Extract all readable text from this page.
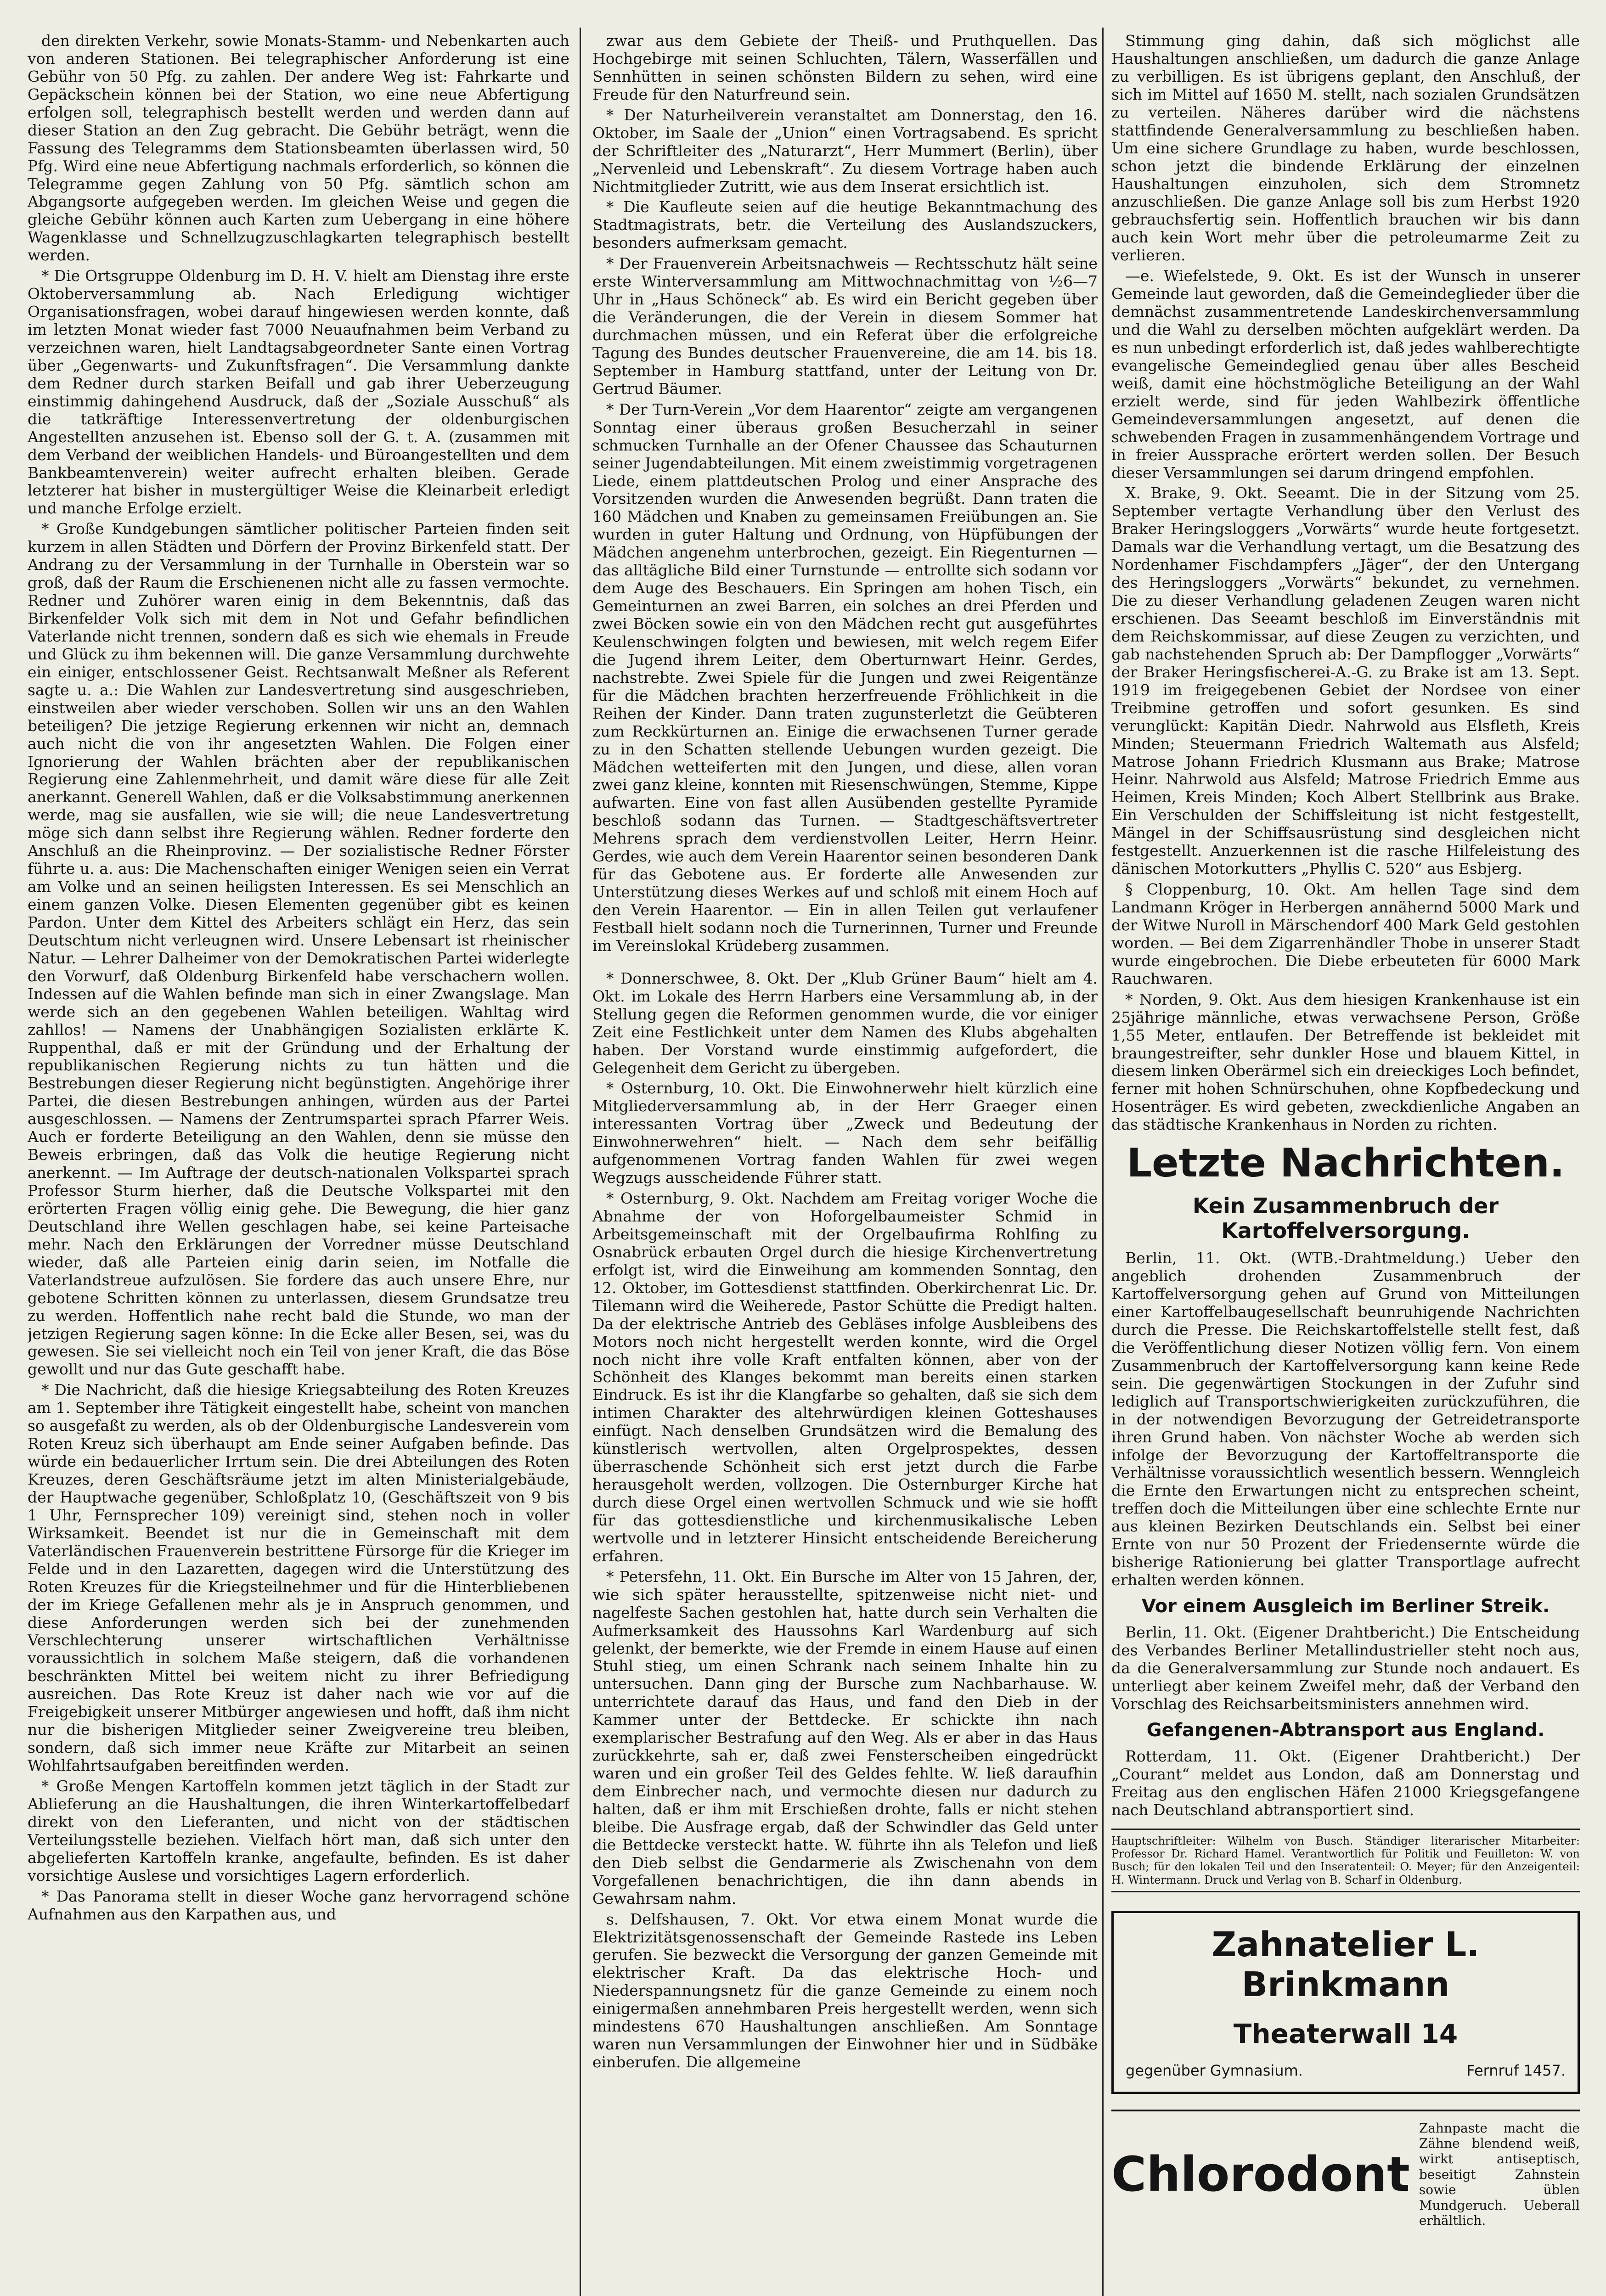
den direkten Verkehr, sowie Monats-Stamm- und Nebenkarten auch von anderen Stationen. Bei telegraphischer Anforderung ist eine Gebühr von 50 Pfg. zu zahlen. Der andere Weg ist: Fahrkarte und Gepäckschein können bei der Station, wo eine neue Abfertigung erfolgen soll, telegraphisch bestellt werden und werden dann auf dieser Station an den Zug gebracht. Die Gebühr beträgt, wenn die Fassung des Telegramms dem Stationsbeamten überlassen wird, 50 Pfg. Wird eine neue Abfertigung nachmals erforderlich, so können die Telegramme gegen Zahlung von 50 Pfg. sämtlich schon am Abgangsorte aufgegeben werden. Im gleichen Weise und gegen die gleiche Gebühr können auch Karten zum Uebergang in eine höhere Wagenklasse und Schnellzugzuschlagkarten telegraphisch bestellt werden.

* Die Ortsgruppe Oldenburg im D. H. V. hielt am Dienstag ihre erste Oktoberversammlung ab. Nach Erledigung wichtiger Organisationsfragen, wobei darauf hingewiesen werden konnte, daß im letzten Monat wieder fast 7000 Neuaufnahmen beim Verband zu verzeichnen waren, hielt Landtagsabgeordneter Sante einen Vortrag über „Gegenwarts- und Zukunftsfragen“. Die Versammlung dankte dem Redner durch starken Beifall und gab ihrer Ueberzeugung einstimmig dahingehend Ausdruck, daß der „Soziale Ausschuß“ als die tatkräftige Interessenvertretung der oldenburgischen Angestellten anzusehen ist. Ebenso soll der G. t. A. (zusammen mit dem Verband der weiblichen Handels- und Büroangestellten und dem Bankbeamtenverein) weiter aufrecht erhalten bleiben. Gerade letzterer hat bisher in mustergültiger Weise die Kleinarbeit erledigt und manche Erfolge erzielt.

* Große Kundgebungen sämtlicher politischer Parteien finden seit kurzem in allen Städten und Dörfern der Provinz Birkenfeld statt. Der Andrang zu der Versammlung in der Turnhalle in Oberstein war so groß, daß der Raum die Erschienenen nicht alle zu fassen vermochte. Redner und Zuhörer waren einig in dem Bekenntnis, daß das Birkenfelder Volk sich mit dem in Not und Gefahr befindlichen Vaterlande nicht trennen, sondern daß es sich wie ehemals in Freude und Glück zu ihm bekennen will. Die ganze Versammlung durchwehte ein einiger, entschlossener Geist. Rechtsanwalt Meßner als Referent sagte u. a.: Die Wahlen zur Landesvertretung sind ausgeschrieben, einstweilen aber wieder verschoben. Sollen wir uns an den Wahlen beteiligen? Die jetzige Regierung erkennen wir nicht an, demnach auch nicht die von ihr angesetzten Wahlen. Die Folgen einer Ignorierung der Wahlen brächten aber der republikanischen Regierung eine Zahlenmehrheit, und damit wäre diese für alle Zeit anerkannt. Generell Wahlen, daß er die Volksabstimmung anerkennen werde, mag sie ausfallen, wie sie will; die neue Landesvertretung möge sich dann selbst ihre Regierung wählen. Redner forderte den Anschluß an die Rheinprovinz. — Der sozialistische Redner Förster führte u. a. aus: Die Machenschaften einiger Wenigen seien ein Verrat am Volke und an seinen heiligsten Interessen. Es sei Menschlich an einem ganzen Volke. Diesen Elementen gegenüber gibt es keinen Pardon. Unter dem Kittel des Arbeiters schlägt ein Herz, das sein Deutschtum nicht verleugnen wird. Unsere Lebensart ist rheinischer Natur. — Lehrer Dalheimer von der Demokratischen Partei widerlegte den Vorwurf, daß Oldenburg Birkenfeld habe verschachern wollen. Indessen auf die Wahlen befinde man sich in einer Zwangslage. Man werde sich an den gegebenen Wahlen beteiligen. Wahltag wird zahllos! — Namens der Unabhängigen Sozialisten erklärte K. Ruppenthal, daß er mit der Gründung und der Erhaltung der republikanischen Regierung nichts zu tun hätten und die Bestrebungen dieser Regierung nicht begünstigten. Angehörige ihrer Partei, die diesen Bestrebungen anhingen, würden aus der Partei ausgeschlossen. — Namens der Zentrumspartei sprach Pfarrer Weis. Auch er forderte Beteiligung an den Wahlen, denn sie müsse den Beweis erbringen, daß das Volk die heutige Regierung nicht anerkennt. — Im Auftrage der deutsch-nationalen Volkspartei sprach Professor Sturm hierher, daß die Deutsche Volkspartei mit den erörterten Fragen völlig einig gehe. Die Bewegung, die hier ganz Deutschland ihre Wellen geschlagen habe, sei keine Parteisache mehr. Nach den Erklärungen der Vorredner müsse Deutschland wieder, daß alle Parteien einig darin seien, im Notfalle die Vaterlandstreue aufzulösen. Sie fordere das auch unsere Ehre, nur gebotene Schritten können zu unterlassen, diesem Grundsatze treu zu werden. Hoffentlich nahe recht bald die Stunde, wo man der jetzigen Regierung sagen könne: In die Ecke aller Besen, sei, was du gewesen. Sie sei vielleicht noch ein Teil von jener Kraft, die das Böse gewollt und nur das Gute geschafft habe.

* Die Nachricht, daß die hiesige Kriegsabteilung des Roten Kreuzes am 1. September ihre Tätigkeit eingestellt habe, scheint von manchen so ausgefaßt zu werden, als ob der Oldenburgische Landesverein vom Roten Kreuz sich überhaupt am Ende seiner Aufgaben befinde. Das würde ein bedauerlicher Irrtum sein. Die drei Abteilungen des Roten Kreuzes, deren Geschäftsräume jetzt im alten Ministerialgebäude, der Hauptwache gegenüber, Schloßplatz 10, (Geschäftszeit von 9 bis 1 Uhr, Fernsprecher 109) vereinigt sind, stehen noch in voller Wirksamkeit. Beendet ist nur die in Gemeinschaft mit dem Vaterländischen Frauenverein bestrittene Fürsorge für die Krieger im Felde und in den Lazaretten, dagegen wird die Unterstützung des Roten Kreuzes für die Kriegsteilnehmer und für die Hinterbliebenen der im Kriege Gefallenen mehr als je in Anspruch genommen, und diese Anforderungen werden sich bei der zunehmenden Verschlechterung unserer wirtschaftlichen Verhältnisse voraussichtlich in solchem Maße steigern, daß die vorhandenen beschränkten Mittel bei weitem nicht zu ihrer Befriedigung ausreichen. Das Rote Kreuz ist daher nach wie vor auf die Freigebigkeit unserer Mitbürger angewiesen und hofft, daß ihm nicht nur die bisherigen Mitglieder seiner Zweigvereine treu bleiben, sondern, daß sich immer neue Kräfte zur Mitarbeit an seinen Wohlfahrtsaufgaben bereitfinden werden.

* Große Mengen Kartoffeln kommen jetzt täglich in der Stadt zur Ablieferung an die Haushaltungen, die ihren Winterkartoffelbedarf direkt von den Lieferanten, und nicht von der städtischen Verteilungsstelle beziehen. Vielfach hört man, daß sich unter den abgelieferten Kartoffeln kranke, angefaulte, befinden. Es ist daher vorsichtige Auslese und vorsichtiges Lagern erforderlich.

* Das Panorama stellt in dieser Woche ganz hervorragend schöne Aufnahmen aus den Karpathen aus, und

zwar aus dem Gebiete der Theiß- und Pruthquellen. Das Hochgebirge mit seinen Schluchten, Tälern, Wasserfällen und Sennhütten in seinen schönsten Bildern zu sehen, wird eine Freude für den Naturfreund sein.

* Der Naturheilverein veranstaltet am Donnerstag, den 16. Oktober, im Saale der „Union“ einen Vortragsabend. Es spricht der Schriftleiter des „Naturarzt“, Herr Mummert (Berlin), über „Nervenleid und Lebenskraft“. Zu diesem Vortrage haben auch Nichtmitglieder Zutritt, wie aus dem Inserat ersichtlich ist.

* Die Kaufleute seien auf die heutige Bekanntmachung des Stadtmagistrats, betr. die Verteilung des Auslandszuckers, besonders aufmerksam gemacht.

* Der Frauenverein Arbeitsnachweis — Rechtsschutz hält seine erste Winterversammlung am Mittwochnachmittag von ½6—7 Uhr in „Haus Schöneck“ ab. Es wird ein Bericht gegeben über die Veränderungen, die der Verein in diesem Sommer hat durchmachen müssen, und ein Referat über die erfolgreiche Tagung des Bundes deutscher Frauenvereine, die am 14. bis 18. September in Hamburg stattfand, unter der Leitung von Dr. Gertrud Bäumer.

* Der Turn-Verein „Vor dem Haarentor“ zeigte am vergangenen Sonntag einer überaus großen Besucherzahl in seiner schmucken Turnhalle an der Ofener Chaussee das Schauturnen seiner Jugendabteilungen. Mit einem zweistimmig vorgetragenen Liede, einem plattdeutschen Prolog und einer Ansprache des Vorsitzenden wurden die Anwesenden begrüßt. Dann traten die 160 Mädchen und Knaben zu gemeinsamen Freiübungen an. Sie wurden in guter Haltung und Ordnung, von Hüpfübungen der Mädchen angenehm unterbrochen, gezeigt. Ein Riegenturnen — das alltägliche Bild einer Turnstunde — entrollte sich sodann vor dem Auge des Beschauers. Ein Springen am hohen Tisch, ein Gemeinturnen an zwei Barren, ein solches an drei Pferden und zwei Böcken sowie ein von den Mädchen recht gut ausgeführtes Keulenschwingen folgten und bewiesen, mit welch regem Eifer die Jugend ihrem Leiter, dem Oberturnwart Heinr. Gerdes, nachstrebte. Zwei Spiele für die Jungen und zwei Reigentänze für die Mädchen brachten herzerfreuende Fröhlichkeit in die Reihen der Kinder. Dann traten zugunsterletzt die Geübteren zum Reckkürturnen an. Einige die erwachsenen Turner gerade zu in den Schatten stellende Uebungen wurden gezeigt. Die Mädchen wetteiferten mit den Jungen, und diese, allen voran zwei ganz kleine, konnten mit Riesenschwüngen, Stemme, Kippe aufwarten. Eine von fast allen Ausübenden gestellte Pyramide beschloß sodann das Turnen. — Stadtgeschäftsvertreter Mehrens sprach dem verdienstvollen Leiter, Herrn Heinr. Gerdes, wie auch dem Verein Haarentor seinen besonderen Dank für das Gebotene aus. Er forderte alle Anwesenden zur Unterstützung dieses Werkes auf und schloß mit einem Hoch auf den Verein Haarentor. — Ein in allen Teilen gut verlaufener Festball hielt sodann noch die Turnerinnen, Turner und Freunde im Vereinslokal Krüdeberg zusammen.

* Donnerschwee, 8. Okt. Der „Klub Grüner Baum“ hielt am 4. Okt. im Lokale des Herrn Harbers eine Versammlung ab, in der Stellung gegen die Reformen genommen wurde, die vor einiger Zeit eine Festlichkeit unter dem Namen des Klubs abgehalten haben. Der Vorstand wurde einstimmig aufgefordert, die Gelegenheit dem Gericht zu übergeben.

* Osternburg, 10. Okt. Die Einwohnerwehr hielt kürzlich eine Mitgliederversammlung ab, in der Herr Graeger einen interessanten Vortrag über „Zweck und Bedeutung der Einwohnerwehren“ hielt. — Nach dem sehr beifällig aufgenommenen Vortrag fanden Wahlen für zwei wegen Wegzugs ausscheidende Führer statt.

* Osternburg, 9. Okt. Nachdem am Freitag voriger Woche die Abnahme der von Hoforgelbaumeister Schmid in Arbeitsgemeinschaft mit der Orgelbaufirma Rohlfing zu Osnabrück erbauten Orgel durch die hiesige Kirchenvertretung erfolgt ist, wird die Einweihung am kommenden Sonntag, den 12. Oktober, im Gottesdienst stattfinden. Oberkirchenrat Lic. Dr. Tilemann wird die Weiherede, Pastor Schütte die Predigt halten. Da der elektrische Antrieb des Gebläses infolge Ausbleibens des Motors noch nicht hergestellt werden konnte, wird die Orgel noch nicht ihre volle Kraft entfalten können, aber von der Schönheit des Klanges bekommt man bereits einen starken Eindruck. Es ist ihr die Klangfarbe so gehalten, daß sie sich dem intimen Charakter des altehrwürdigen kleinen Gotteshauses einfügt. Nach denselben Grundsätzen wird die Bemalung des künstlerisch wertvollen, alten Orgelprospektes, dessen überraschende Schönheit sich erst jetzt durch die Farbe herausgeholt werden, vollzogen. Die Osternburger Kirche hat durch diese Orgel einen wertvollen Schmuck und wie sie hofft für das gottesdienstliche und kirchenmusikalische Leben wertvolle und in letzterer Hinsicht entscheidende Bereicherung erfahren.

* Petersfehn, 11. Okt. Ein Bursche im Alter von 15 Jahren, der, wie sich später herausstellte, spitzenweise nicht niet- und nagelfeste Sachen gestohlen hat, hatte durch sein Verhalten die Aufmerksamkeit des Haussohns Karl Wardenburg auf sich gelenkt, der bemerkte, wie der Fremde in einem Hause auf einen Stuhl stieg, um einen Schrank nach seinem Inhalte hin zu untersuchen. Dann ging der Bursche zum Nachbarhause. W. unterrichtete darauf das Haus, und fand den Dieb in der Kammer unter der Bettdecke. Er schickte ihn nach exemplarischer Bestrafung auf den Weg. Als er aber in das Haus zurückkehrte, sah er, daß zwei Fensterscheiben eingedrückt waren und ein großer Teil des Geldes fehlte. W. ließ daraufhin dem Einbrecher nach, und vermochte diesen nur dadurch zu halten, daß er ihm mit Erschießen drohte, falls er nicht stehen bleibe. Die Ausfrage ergab, daß der Schwindler das Geld unter die Bettdecke versteckt hatte. W. führte ihn als Telefon und ließ den Dieb selbst die Gendarmerie als Zwischenahn von dem Vorgefallenen benachrichtigen, die ihn dann abends in Gewahrsam nahm.

s. Delfshausen, 7. Okt. Vor etwa einem Monat wurde die Elektrizitätsgenossenschaft der Gemeinde Rastede ins Leben gerufen. Sie bezweckt die Versorgung der ganzen Gemeinde mit elektrischer Kraft. Da das elektrische Hoch- und Niederspannungsnetz für die ganze Gemeinde zu einem noch einigermaßen annehmbaren Preis hergestellt werden, wenn sich mindestens 670 Haushaltungen anschließen. Am Sonntage waren nun Versammlungen der Einwohner hier und in Südbäke einberufen. Die allgemeine

Stimmung ging dahin, daß sich möglichst alle Haushaltungen anschließen, um dadurch die ganze Anlage zu verbilligen. Es ist übrigens geplant, den Anschluß, der sich im Mittel auf 1650 M. stellt, nach sozialen Grundsätzen zu verteilen. Näheres darüber wird die nächstens stattfindende Generalversammlung zu beschließen haben. Um eine sichere Grundlage zu haben, wurde beschlossen, schon jetzt die bindende Erklärung der einzelnen Haushaltungen einzuholen, sich dem Stromnetz anzuschließen. Die ganze Anlage soll bis zum Herbst 1920 gebrauchsfertig sein. Hoffentlich brauchen wir bis dann auch kein Wort mehr über die petroleumarme Zeit zu verlieren.

—e. Wiefelstede, 9. Okt. Es ist der Wunsch in unserer Gemeinde laut geworden, daß die Gemeindeglieder über die demnächst zusammentretende Landeskirchenversammlung und die Wahl zu derselben möchten aufgeklärt werden. Da es nun unbedingt erforderlich ist, daß jedes wahlberechtigte evangelische Gemeindeglied genau über alles Bescheid weiß, damit eine höchstmögliche Beteiligung an der Wahl erzielt werde, sind für jeden Wahlbezirk öffentliche Gemeindeversammlungen angesetzt, auf denen die schwebenden Fragen in zusammenhängendem Vortrage und in freier Aussprache erörtert werden sollen. Der Besuch dieser Versammlungen sei darum dringend empfohlen.

X. Brake, 9. Okt. Seeamt. Die in der Sitzung vom 25. September vertagte Verhandlung über den Verlust des Braker Heringsloggers „Vorwärts“ wurde heute fortgesetzt. Damals war die Verhandlung vertagt, um die Besatzung des Nordenhamer Fischdampfers „Jäger“, der den Untergang des Heringsloggers „Vorwärts“ bekundet, zu vernehmen. Die zu dieser Verhandlung geladenen Zeugen waren nicht erschienen. Das Seeamt beschloß im Einverständnis mit dem Reichskommissar, auf diese Zeugen zu verzichten, und gab nachstehenden Spruch ab: Der Dampflogger „Vorwärts“ der Braker Heringsfischerei-A.-G. zu Brake ist am 13. Sept. 1919 im freigegebenen Gebiet der Nordsee von einer Treibmine getroffen und sofort gesunken. Es sind verunglückt: Kapitän Diedr. Nahrwold aus Elsfleth, Kreis Minden; Steuermann Friedrich Waltemath aus Alsfeld; Matrose Johann Friedrich Klusmann aus Brake; Matrose Heinr. Nahrwold aus Alsfeld; Matrose Friedrich Emme aus Heimen, Kreis Minden; Koch Albert Stellbrink aus Brake. Ein Verschulden der Schiffsleitung ist nicht festgestellt, Mängel in der Schiffsausrüstung sind desgleichen nicht festgestellt. Anzuerkennen ist die rasche Hilfeleistung des dänischen Motorkutters „Phyllis C. 520“ aus Esbjerg.

§ Cloppenburg, 10. Okt. Am hellen Tage sind dem Landmann Kröger in Herbergen annähernd 5000 Mark und der Witwe Nuroll in Märschendorf 400 Mark Geld gestohlen worden. — Bei dem Zigarrenhändler Thobe in unserer Stadt wurde eingebrochen. Die Diebe erbeuteten für 6000 Mark Rauchwaren.

* Norden, 9. Okt. Aus dem hiesigen Krankenhause ist ein 25jährige männliche, etwas verwachsene Person, Größe 1,55 Meter, entlaufen. Der Betreffende ist bekleidet mit braungestreifter, sehr dunkler Hose und blauem Kittel, in diesem linken Oberärmel sich ein dreieckiges Loch befindet, ferner mit hohen Schnürschuhen, ohne Kopfbedeckung und Hosenträger. Es wird gebeten, zweckdienliche Angaben an das städtische Krankenhaus in Norden zu richten.

Letzte Nachrichten.
Kein Zusammenbruch der Kartoffelversorgung.

Berlin, 11. Okt. (WTB.-Drahtmeldung.) Ueber den angeblich drohenden Zusammenbruch der Kartoffelversorgung gehen auf Grund von Mitteilungen einer Kartoffelbaugesellschaft beunruhigende Nachrichten durch die Presse. Die Reichskartoffelstelle stellt fest, daß die Veröffentlichung dieser Notizen völlig fern. Von einem Zusammenbruch der Kartoffelversorgung kann keine Rede sein. Die gegenwärtigen Stockungen in der Zufuhr sind lediglich auf Transportschwierigkeiten zurückzuführen, die in der notwendigen Bevorzugung der Getreidetransporte ihren Grund haben. Von nächster Woche ab werden sich infolge der Bevorzugung der Kartoffeltransporte die Verhältnisse voraussichtlich wesentlich bessern. Wenngleich die Ernte den Erwartungen nicht zu entsprechen scheint, treffen doch die Mitteilungen über eine schlechte Ernte nur aus kleinen Bezirken Deutschlands ein. Selbst bei einer Ernte von nur 50 Prozent der Friedensernte würde die bisherige Rationierung bei glatter Transportlage aufrecht erhalten werden können.

Vor einem Ausgleich im Berliner Streik.

Berlin, 11. Okt. (Eigener Drahtbericht.) Die Entscheidung des Verbandes Berliner Metallindustrieller steht noch aus, da die Generalversammlung zur Stunde noch andauert. Es unterliegt aber keinem Zweifel mehr, daß der Verband den Vorschlag des Reichsarbeitsministers annehmen wird.

Gefangenen-Abtransport aus England.

Rotterdam, 11. Okt. (Eigener Drahtbericht.) Der „Courant“ meldet aus London, daß am Donnerstag und Freitag aus den englischen Häfen 21000 Kriegsgefangene nach Deutschland abtransportiert sind.

Hauptschriftleiter: Wilhelm von Busch. Ständiger literarischer Mitarbeiter: Professor Dr. Richard Hamel. Verantwortlich für Politik und Feuilleton: W. von Busch; für den lokalen Teil und den Inseratenteil: O. Meyer; für den Anzeigenteil: H. Wintermann. Druck und Verlag von B. Scharf in Oldenburg.
Zahnatelier L. Brinkmann
Theaterwall 14
gegenüber Gymnasium.	Fernruf 1457.
Chlorodont
Zahnpaste macht die Zähne blendend weiß, wirkt antiseptisch, beseitigt Zahnstein sowie üblen Mundgeruch. Ueberall erhältlich.
